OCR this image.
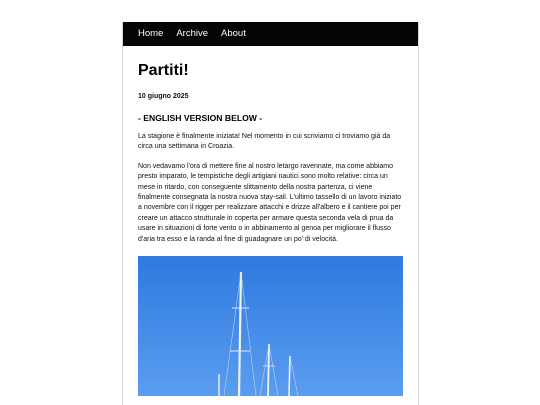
Home Archive About
Partiti!
10 giugno 2025
- ENGLISH VERSION BELOW -

La stagione è finalmente iniziata! Nel momento in cui scriviamo ci troviamo già da circa una settimana in Croazia.

Non vedavamo l'ora di mettere fine al nostro letargo ravennate, ma come abbiamo presto imparato, le tempistiche degli artigiani nautici sono molto relative: circa un mese in ritardo, con conseguente slittamento della nostra partenza, ci viene finalmente consegnata la nostra nuova stay-sail. L'ultimo tassello di un lavoro iniziato a novembre con il rigger per realizzare attacchi e drizze all'albero e il cantiere poi per creare un attacco strutturale in coperta per armare questa seconda vela di prua da usare in situazioni di forte vento o in abbinamento al genoa per migliorare il flusso d'aria tra esso e la randa al fine di guadagnare un po' di velocità.
